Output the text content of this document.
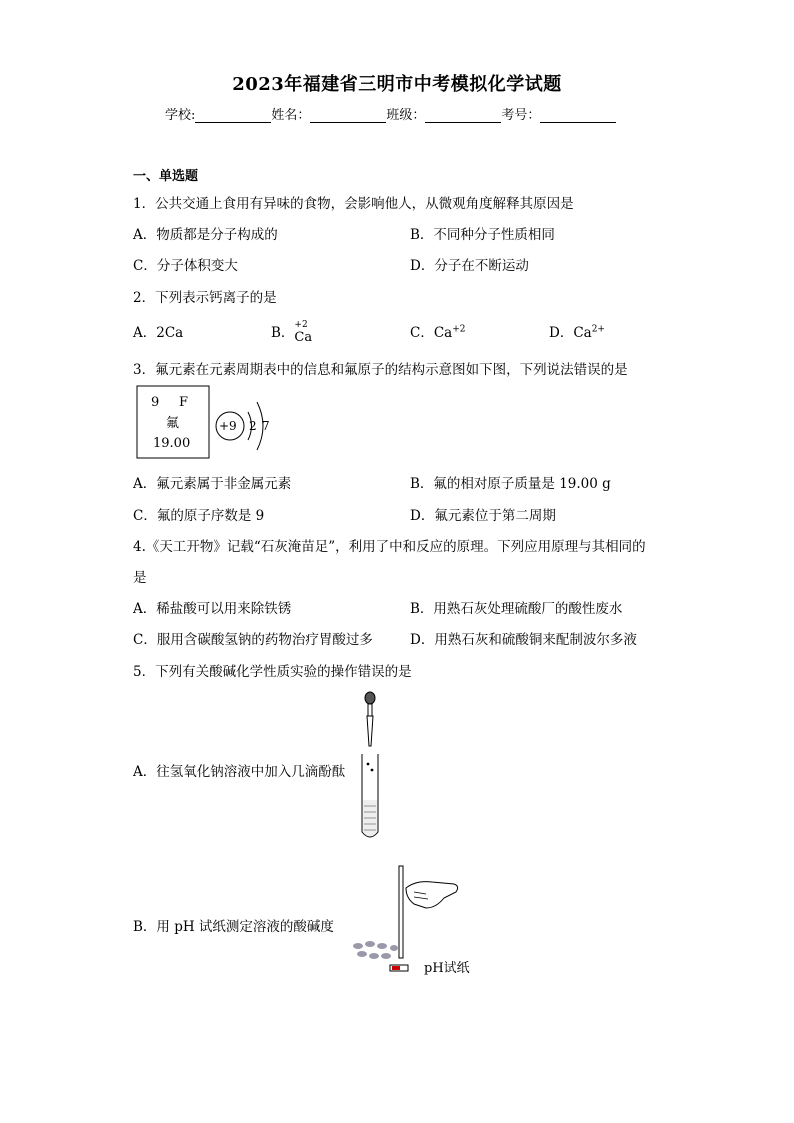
2023年福建省三明市中考模拟化学试题
学校:	姓名：	班级：	考号：
一、单选题
1．公共交通上食用有异味的食物，会影响他人，从微观角度解释其原因是
A．物质都是分子构成的	B．不同种分子性质相同
C．分子体积变大	D．分子在不断运动
2．下列表示钙离子的是
A．2Ca	B．
+2
Ca	C．$Ca^{+2}$	D．$Ca^{2+}$
3．氟元素在元素周期表中的信息和氟原子的结构示意图如下图，下列说法错误的是
9 F
氟
19.00
+9 2 7
A．氟元素属于非金属元素	B．氟的相对原子质量是 19.00 g
C．氟的原子序数是 9	D．氟元素位于第二周期
4.《天工开物》记载“石灰淹苗足”，利用了中和反应的原理。下列应用原理与其相同的
是
A．稀盐酸可以用来除铁锈	B．用熟石灰处理硫酸厂的酸性废水
C．服用含碳酸氢钠的药物治疗胃酸过多	D．用熟石灰和硫酸铜来配制波尔多液
5．下列有关酸碱化学性质实验的操作错误的是
A．往氢氧化钠溶液中加入几滴酚酞
B．用 pH 试纸测定溶液的酸碱度
pH试纸
